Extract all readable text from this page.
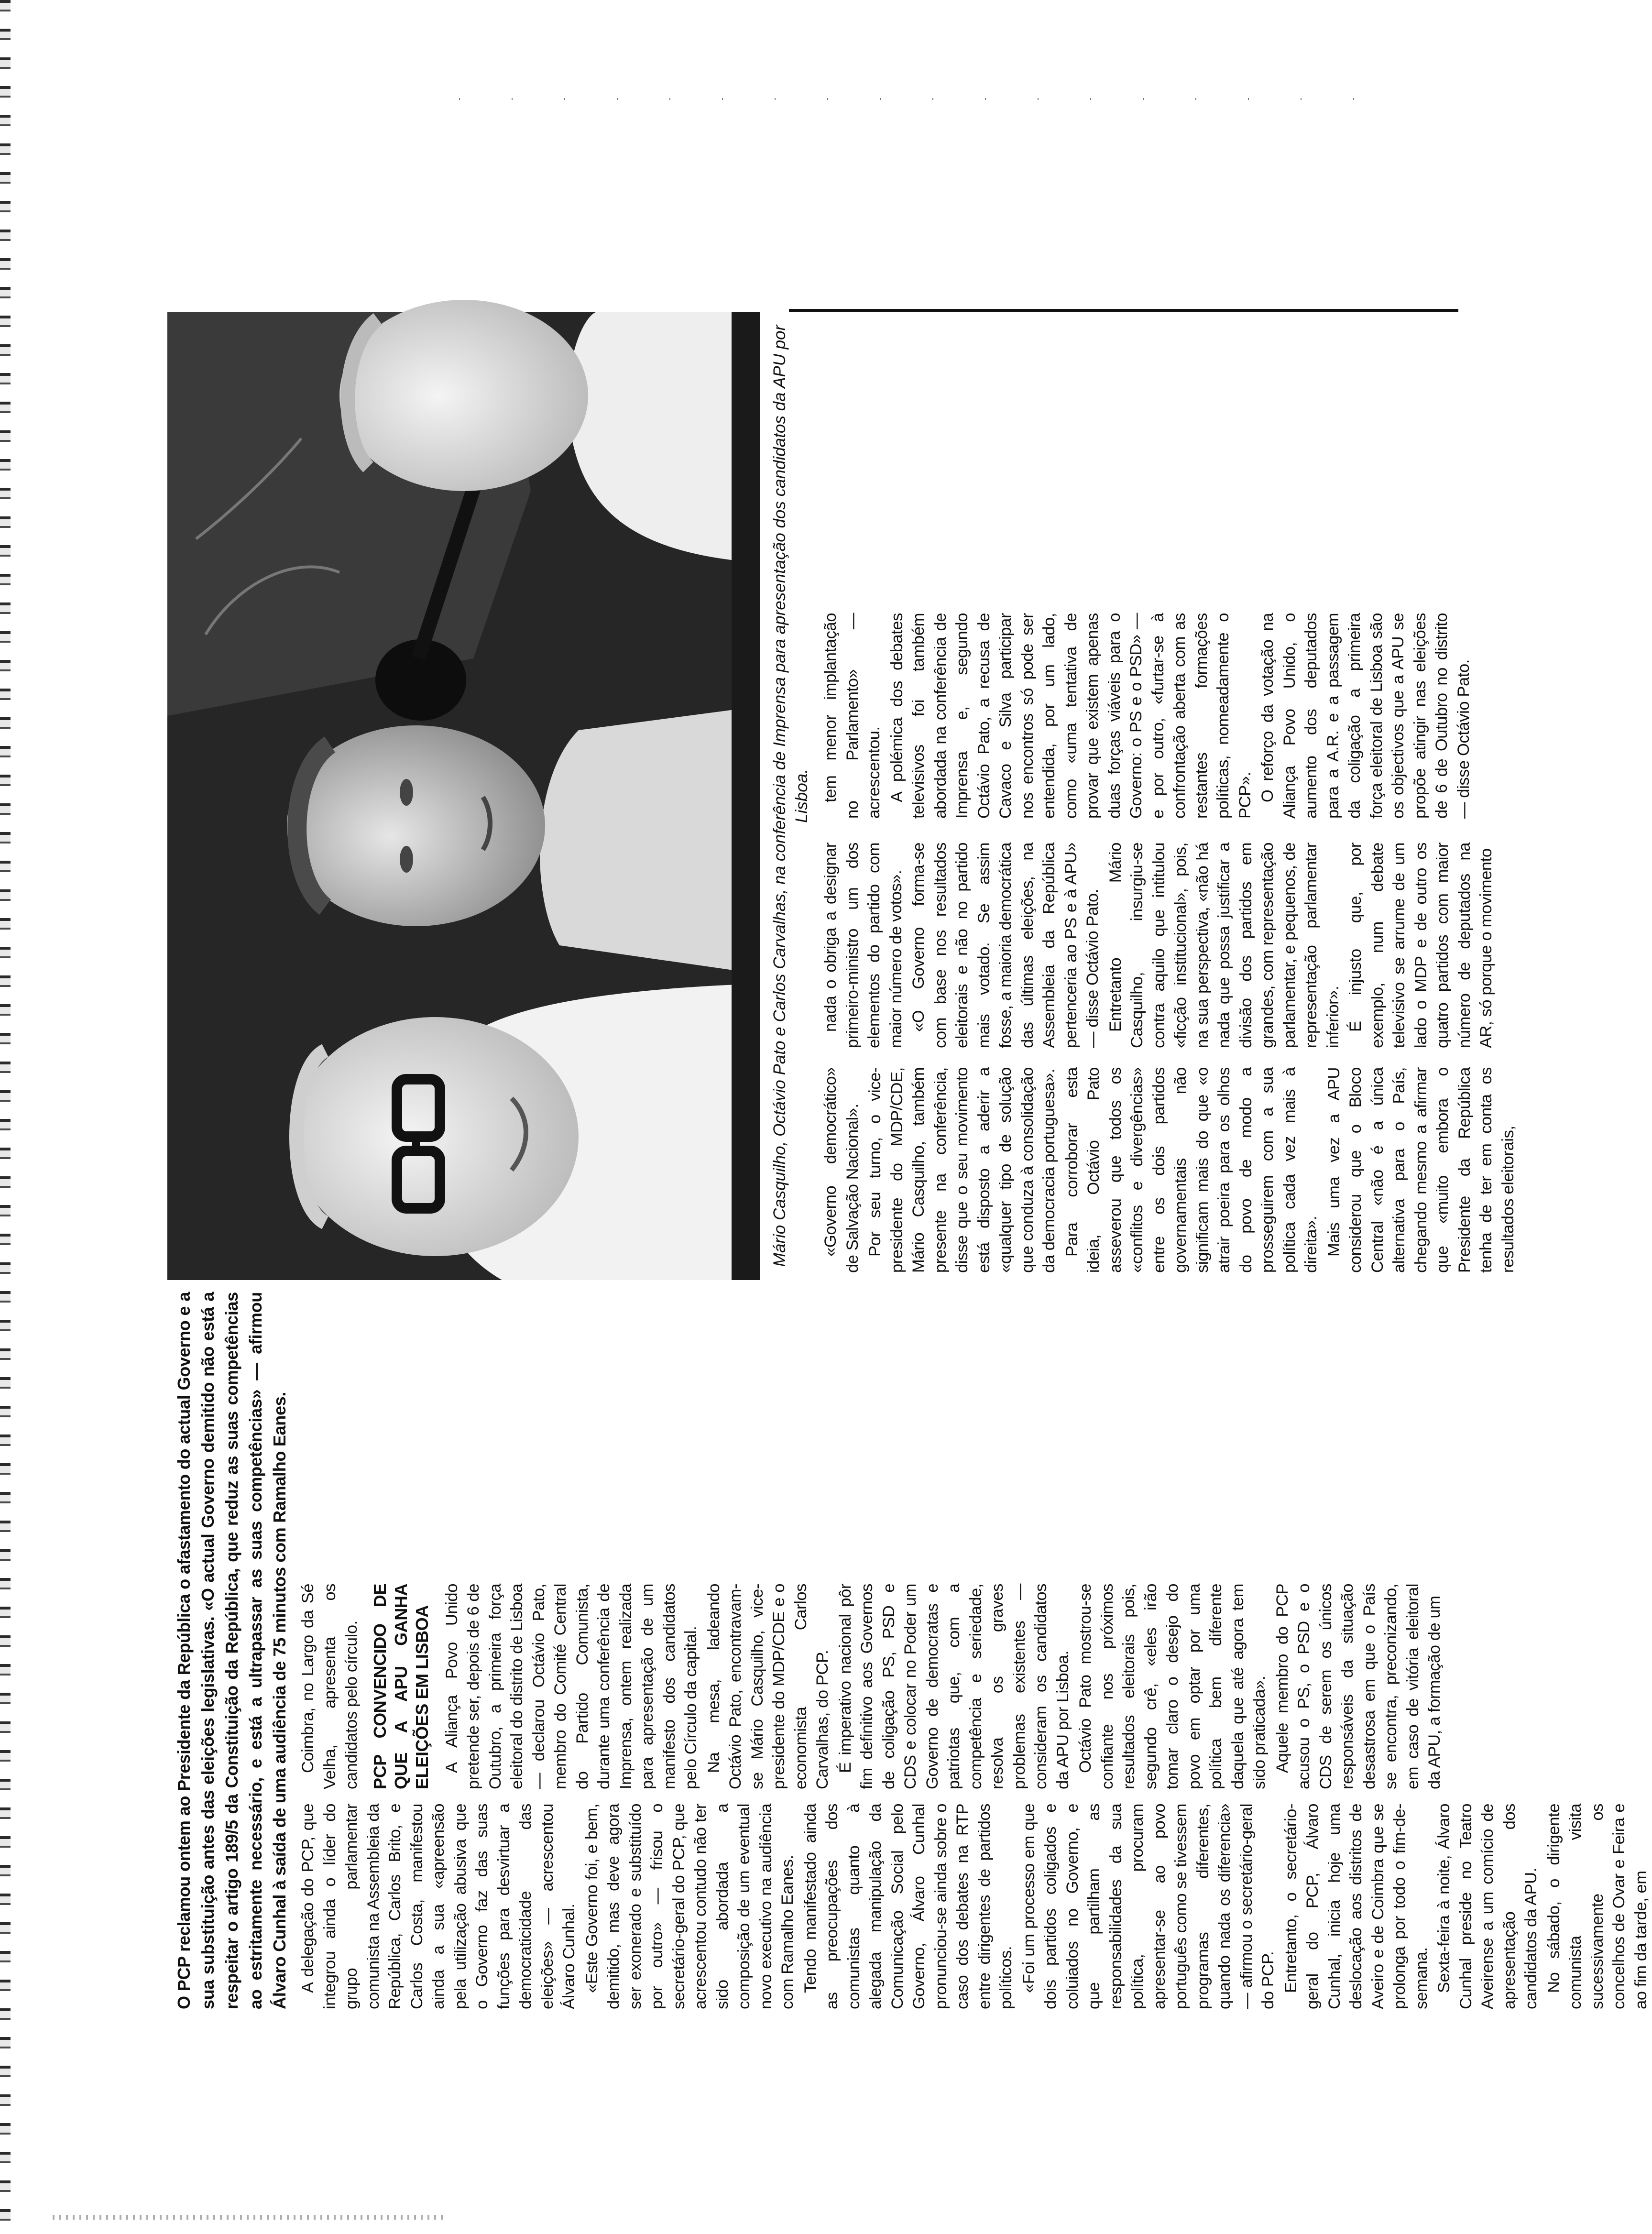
O PCP reclamou ontem ao Presidente da República o afastamento do actual Governo e a sua substituição antes das eleições legislativas. «O actual Governo demitido não está a respeitar o artigo 189/5 da Constituição da República, que reduz as suas competências ao estritamente necessário, e está a ultrapassar as suas competências» — afirmou Álvaro Cunhal à saída de uma audiência de 75 minutos com Ramalho Eanes. A delegação do PCP, que integrou ainda o líder do grupo parlamentar comunista na Assembleia da República, Carlos Brito, e Carlos Costa, manifestou ainda a sua «apreensão pela utilização abusiva que o Governo faz das suas funções para desvirtuar a democraticidade das eleições» — acrescentou Álvaro Cunhal. «Este Governo foi, e bem, demitido, mas deve agora ser exonerado e substituído por outro» — frisou o secretário-geral do PCP, que acrescentou contudo não ter sido abordada a composição de um eventual novo executivo na audiência com Ramalho Eanes. Tendo manifestado ainda as preocupações dos comunistas quanto à alegada manipulação da Comunicação Social pelo Governo, Álvaro Cunhal pronunciou-se ainda sobre o caso dos debates na RTP entre dirigentes de partidos políticos. «Foi um processo em que dois partidos coligados e coluiados no Governo, e que partilham as responsabilidades da sua política, procuram apresentar-se ao povo português como se tivessem programas diferentes, quando nada os diferencia» — afirmou o secretário-geral do PCP. Entretanto, o secretário-geral do PCP, Álvaro Cunhal, inicia hoje uma deslocação aos distritos de Aveiro e de Coimbra que se prolonga por todo o fim-de-semana. Sexta-feira à noite, Álvaro Cunhal preside no Teatro Aveirense a um comício de apresentação dos candidatos da APU. No sábado, o dirigente comunista visita sucessivamente os concelhos de Ovar e Feira e ao fim da tarde, em

Coimbra, no Largo da Sé Velha, apresenta os candidatos pelo círculo. PCP CONVENCIDO DE QUE A APU GANHA ELEIÇÕES EM LISBOA A Aliança Povo Unido pretende ser, depois de 6 de Outubro, a primeira força eleitoral do distrito de Lisboa — declarou Octávio Pato, membro do Comité Central do Partido Comunista, durante uma conferência de Imprensa, ontem realizada para apresentação de um manifesto dos candidatos pelo Círculo da capital. Na mesa, ladeando Octávio Pato, encontravam-se Mário Casquilho, vice-presidente do MDP/CDE e o economista Carlos Carvalhas, do PCP. É imperativo nacional pôr fim definitivo aos Governos de coligação PS, PSD e CDS e colocar no Poder um Governo de democratas e patriotas que, com a competência e seriedade, resolva os graves problemas existentes — consideram os candidatos da APU por Lisboa. Octávio Pato mostrou-se confiante nos próximos resultados eleitorais pois, segundo crê, «eles irão tomar claro o desejo do povo em optar por uma política bem diferente daquela que até agora tem sido praticada». Aquele membro do PCP acusou o PS, o PSD e o CDS de serem os únicos responsáveis da situação desastrosa em que o País se encontra, preconizando, em caso de vitória eleitoral da APU, a formação de um

«Governo democrático» de Salvação Nacional». Por seu turno, o vice-presidente do MDP/CDE, Mário Casquilho, também presente na conferência, disse que o seu movimento está disposto a aderir a «qualquer tipo de solução que conduza à consolidação da democracia portuguesa». Para corroborar esta ideia, Octávio Pato asseverou que todos os «conflitos e divergências» entre os dois partidos governamentais não significam mais do que «o atrair poeira para os olhos do povo de modo a prosseguirem com a sua política cada vez mais à direita». Mais uma vez a APU considerou que o Bloco Central «não é a única alternativa para o País, chegando mesmo a afirmar que «muito embora o Presidente da República tenha de ter em conta os resultados eleitorais,

nada o obriga a designar primeiro-ministro um dos elementos do partido com maior número de votos». «O Governo forma-se com base nos resultados eleitorais e não no partido mais votado. Se assim fosse, a maioria democrática das últimas eleições, na Assembleia da República pertenceria ao PS e à APU» — disse Octávio Pato. Entretanto Mário Casquilho, insurgiu-se contra aquilo que intitulou «ficção institucional», pois, na sua perspectiva, «não há nada que possa justificar a divisão dos partidos em grandes, com representação parlamentar, e pequenos, de representação parlamentar inferior». É injusto que, por exemplo, num debate televisivo se arrume de um lado o MDP e de outro os quatro partidos com maior número de deputados na AR, só porque o movimento

tem menor implantação no Parlamento» — acrescentou. A polémica dos debates televisivos foi também abordada na conferência de Imprensa e, segundo Octávio Pato, a recusa de Cavaco e Silva participar nos encontros só pode ser entendida, por um lado, como «uma tentativa de provar que existem apenas duas forças viáveis para o Governo: o PS e o PSD» — e por outro, «furtar-se à confrontação aberta com as restantes formações políticas, nomeadamente o PCP». O reforço da votação na Aliança Povo Unido, o aumento dos deputados para a A.R. e a passagem da coligação a primeira força eleitoral de Lisboa são os objectivos que a APU se propõe atingir nas eleições de 6 de Outubro no distrito — disse Octávio Pato.

Mário Casquilho, Octávio Pato e Carlos Carvalhas, na conferência de Imprensa para apresentação dos candidatos da APU por Lisboa.
